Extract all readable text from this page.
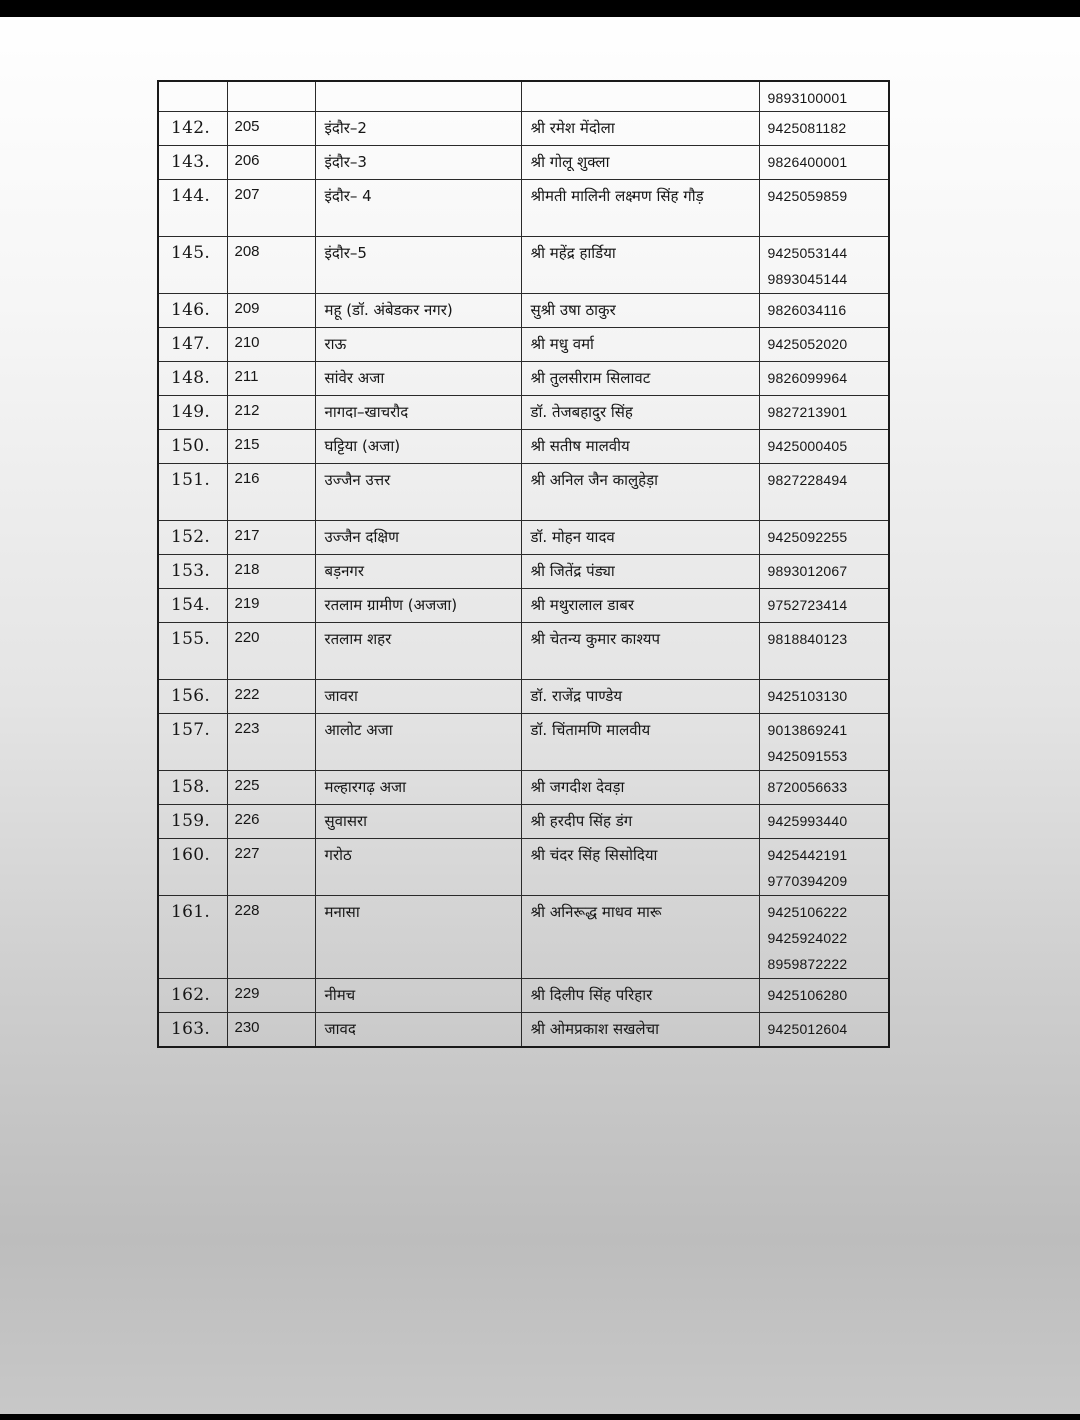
				9893100001

142.	205	इंदौर–2	श्री रमेश मेंदोला	9425081182

143.	206	इंदौर–3	श्री गोलू शुक्ला	9826400001

144.	207	इंदौर– 4	श्रीमती मालिनी लक्ष्मण सिंह गौड़	9425059859

145.	208	इंदौर–5	श्री महेंद्र हार्डिया	9425053144
9893045144

146.	209	महू (डॉ. अंबेडकर नगर)	सुश्री उषा ठाकुर	9826034116

147.	210	राऊ	श्री मधु वर्मा	9425052020

148.	211	सांवेर अजा	श्री तुलसीराम सिलावट	9826099964

149.	212	नागदा–खाचरौद	डॉ. तेजबहादुर सिंह	9827213901

150.	215	घट्टिया (अजा)	श्री सतीष मालवीय	9425000405

151.	216	उज्जैन उत्तर	श्री अनिल जैन कालुहेड़ा	9827228494

152.	217	उज्जैन दक्षिण	डॉ. मोहन यादव	9425092255

153.	218	बड़नगर	श्री जितेंद्र पंड्या	9893012067

154.	219	रतलाम ग्रामीण (अजजा)	श्री मथुरालाल डाबर	9752723414

155.	220	रतलाम शहर	श्री चेतन्य कुमार काश्यप	9818840123

156.	222	जावरा	डॉ. राजेंद्र पाण्डेय	9425103130

157.	223	आलोट अजा	डॉ. चिंतामणि मालवीय	9013869241
9425091553

158.	225	मल्हारगढ़ अजा	श्री जगदीश देवड़ा	8720056633

159.	226	सुवासरा	श्री हरदीप सिंह डंग	9425993440

160.	227	गरोठ	श्री चंदर सिंह सिसोदिया	9425442191
9770394209

161.	228	मनासा	श्री अनिरूद्ध माधव मारू	9425106222
9425924022
8959872222

162.	229	नीमच	श्री दिलीप सिंह परिहार	9425106280

163.	230	जावद	श्री ओमप्रकाश सखलेचा	9425012604
